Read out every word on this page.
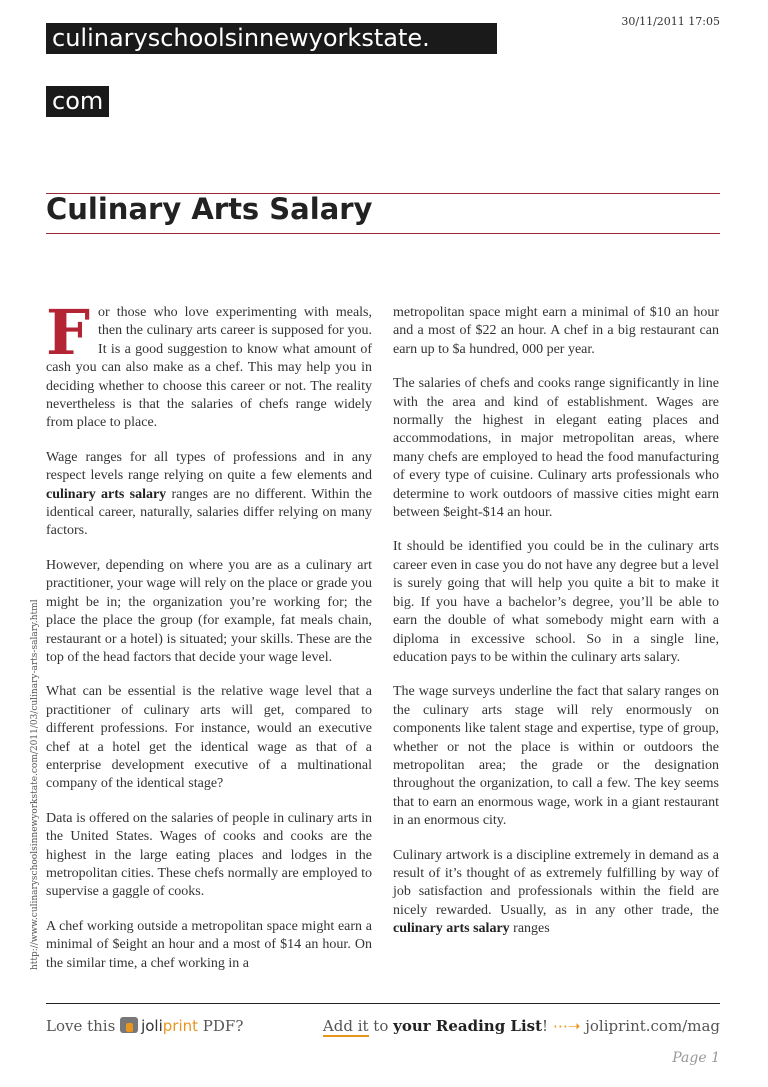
culinaryschoolsinnewyorkstate.
com
30/11/2011 17:05
Culinary Arts Salary
http://www.culinaryschoolsinnewyorkstate.com/2011/03/culinary-arts-salary.html

For those who love experimenting with meals, then the culinary arts career is supposed for you. It is a good suggestion to know what amount of cash you can also make as a chef. This may help you in deciding whether to choose this career or not. The reality nevertheless is that the salaries of chefs range widely from place to place.

Wage ranges for all types of professions and in any respect levels range relying on quite a few elements and culinary arts salary ranges are no different. Within the identical career, naturally, salaries differ relying on many factors.

However, depending on where you are as a culinary art practitioner, your wage will rely on the place or grade you might be in; the organization you’re working for; the place the place the group (for example, fat meals chain, restaurant or a hotel) is situated; your skills. These are the top of the head factors that decide your wage level.

What can be essential is the relative wage level that a practitioner of culinary arts will get, compared to different professions. For instance, would an executive chef at a hotel get the identical wage as that of a enterprise development executive of a multinational company of the identical stage?

Data is offered on the salaries of people in culinary arts in the United States. Wages of cooks and cooks are the highest in the large eating places and lodges in the metropolitan cities. These chefs normally are employed to supervise a gaggle of cooks.

A chef working outside a metropolitan space might earn a minimal of $eight an hour and a most of $14 an hour. On the similar time, a chef working in a

metropolitan space might earn a minimal of $10 an hour and a most of $22 an hour. A chef in a big restaurant can earn up to $a hundred, 000 per year.

The salaries of chefs and cooks range significantly in line with the area and kind of establishment. Wages are normally the highest in elegant eating places and accommodations, in major metropolitan areas, where many chefs are employed to head the food manufacturing of every type of cuisine. Culinary arts professionals who determine to work outdoors of massive cities might earn between $eight-$14 an hour.

It should be identified you could be in the culinary arts career even in case you do not have any degree but a level is surely going that will help you quite a bit to make it big. If you have a bachelor’s degree, you’ll be able to earn the double of what somebody might earn with a diploma in excessive school. So in a single line, education pays to be within the culinary arts salary.

The wage surveys underline the fact that salary ranges on the culinary arts stage will rely enormously on components like talent stage and expertise, type of group, whether or not the place is within or outdoors the metropolitan area; the grade or the designation throughout the organization, to call a few. The key seems that to earn an enormous wage, work in a giant restaurant in an enormous city.

Culinary artwork is a discipline extremely in demand as a result of it’s thought of as extremely fulfilling by way of job satisfaction and professionals within the field are nicely rewarded. Usually, as in any other trade, the culinary arts salary ranges

Love this joliprint PDF?	Add it to your Reading List! ⋯➝ joliprint.com/mag
Page 1
